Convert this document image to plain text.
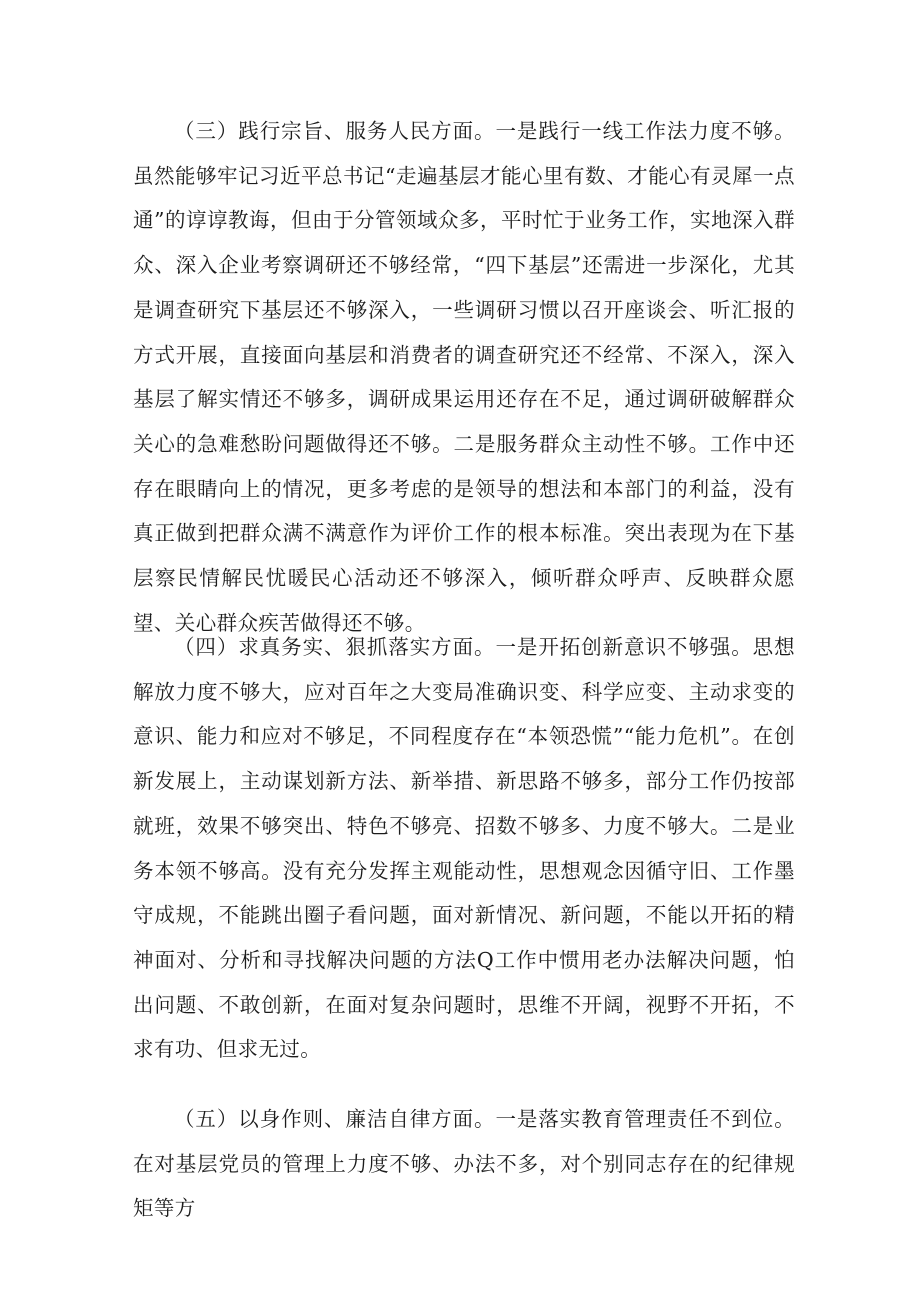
（三）践行宗旨、服务人民方面。一是践行一线工作法力度不够。虽然能够牢记习近平总书记“走遍基层才能心里有数、才能心有灵犀一点通”的谆谆教诲，但由于分管领域众多，平时忙于业务工作，实地深入群众、深入企业考察调研还不够经常，“四下基层”还需进一步深化，尤其是调查研究下基层还不够深入，一些调研习惯以召开座谈会、听汇报的方式开展，直接面向基层和消费者的调查研究还不经常、不深入，深入基层了解实情还不够多，调研成果运用还存在不足，通过调研破解群众关心的急难愁盼问题做得还不够。二是服务群众主动性不够。工作中还存在眼睛向上的情况，更多考虑的是领导的想法和本部门的利益，没有真正做到把群众满不满意作为评价工作的根本标准。突出表现为在下基层察民情解民忧暖民心活动还不够深入，倾听群众呼声、反映群众愿望、关心群众疾苦做得还不够。

（四）求真务实、狠抓落实方面。一是开拓创新意识不够强。思想解放力度不够大，应对百年之大变局准确识变、科学应变、主动求变的意识、能力和应对不够足，不同程度存在“本领恐慌”“能力危机”。在创新发展上，主动谋划新方法、新举措、新思路不够多，部分工作仍按部就班，效果不够突出、特色不够亮、招数不够多、力度不够大。二是业务本领不够高。没有充分发挥主观能动性，思想观念因循守旧、工作墨守成规，不能跳出圈子看问题，面对新情况、新问题，不能以开拓的精神面对、分析和寻找解决问题的方法Q工作中惯用老办法解决问题，怕出问题、不敢创新，在面对复杂问题时，思维不开阔，视野不开拓，不求有功、但求无过。

（五）以身作则、廉洁自律方面。一是落实教育管理责任不到位。在对基层党员的管理上力度不够、办法不多，对个别同志存在的纪律规矩等方
